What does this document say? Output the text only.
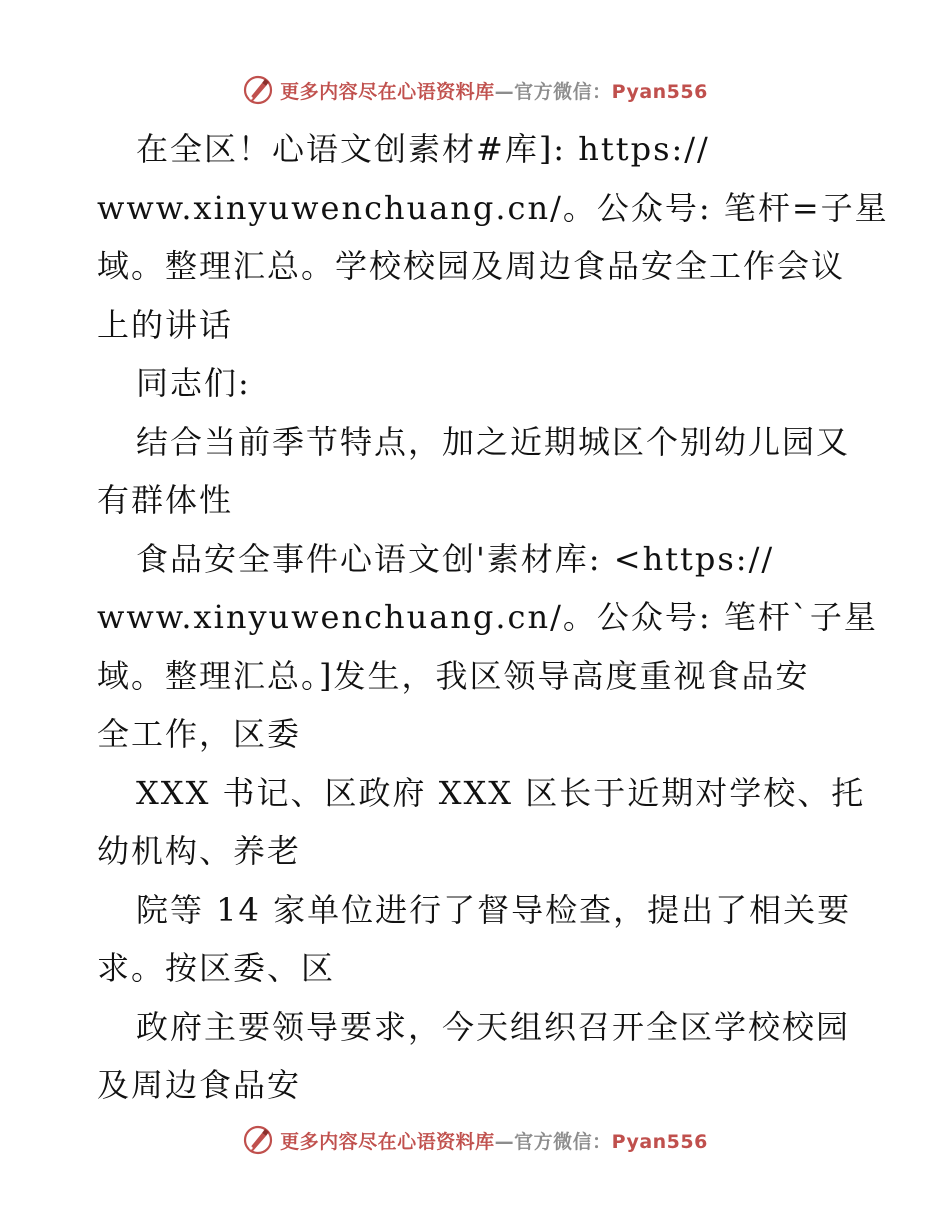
更多内容尽在心语资料库—官方微信：Pyan556

在全区！心语文创素材#库]: https://

www.xinyuwenchuang.cn/。公众号: 笔杆=子星

域。整理汇总。学校校园及周边食品安全工作会议

上的讲话

同志们:

结合当前季节特点，加之近期城区个别幼儿园又

有群体性

食品安全事件心语文创'素材库: <https://

www.xinyuwenchuang.cn/。公众号: 笔杆`子星

域。整理汇总。]发生，我区领导高度重视食品安

全工作，区委

XXX 书记、区政府 XXX 区长于近期对学校、托

幼机构、养老

院等 14 家单位进行了督导检查，提出了相关要

求。按区委、区

政府主要领导要求，今天组织召开全区学校校园

及周边食品安

更多内容尽在心语资料库—官方微信：Pyan556
